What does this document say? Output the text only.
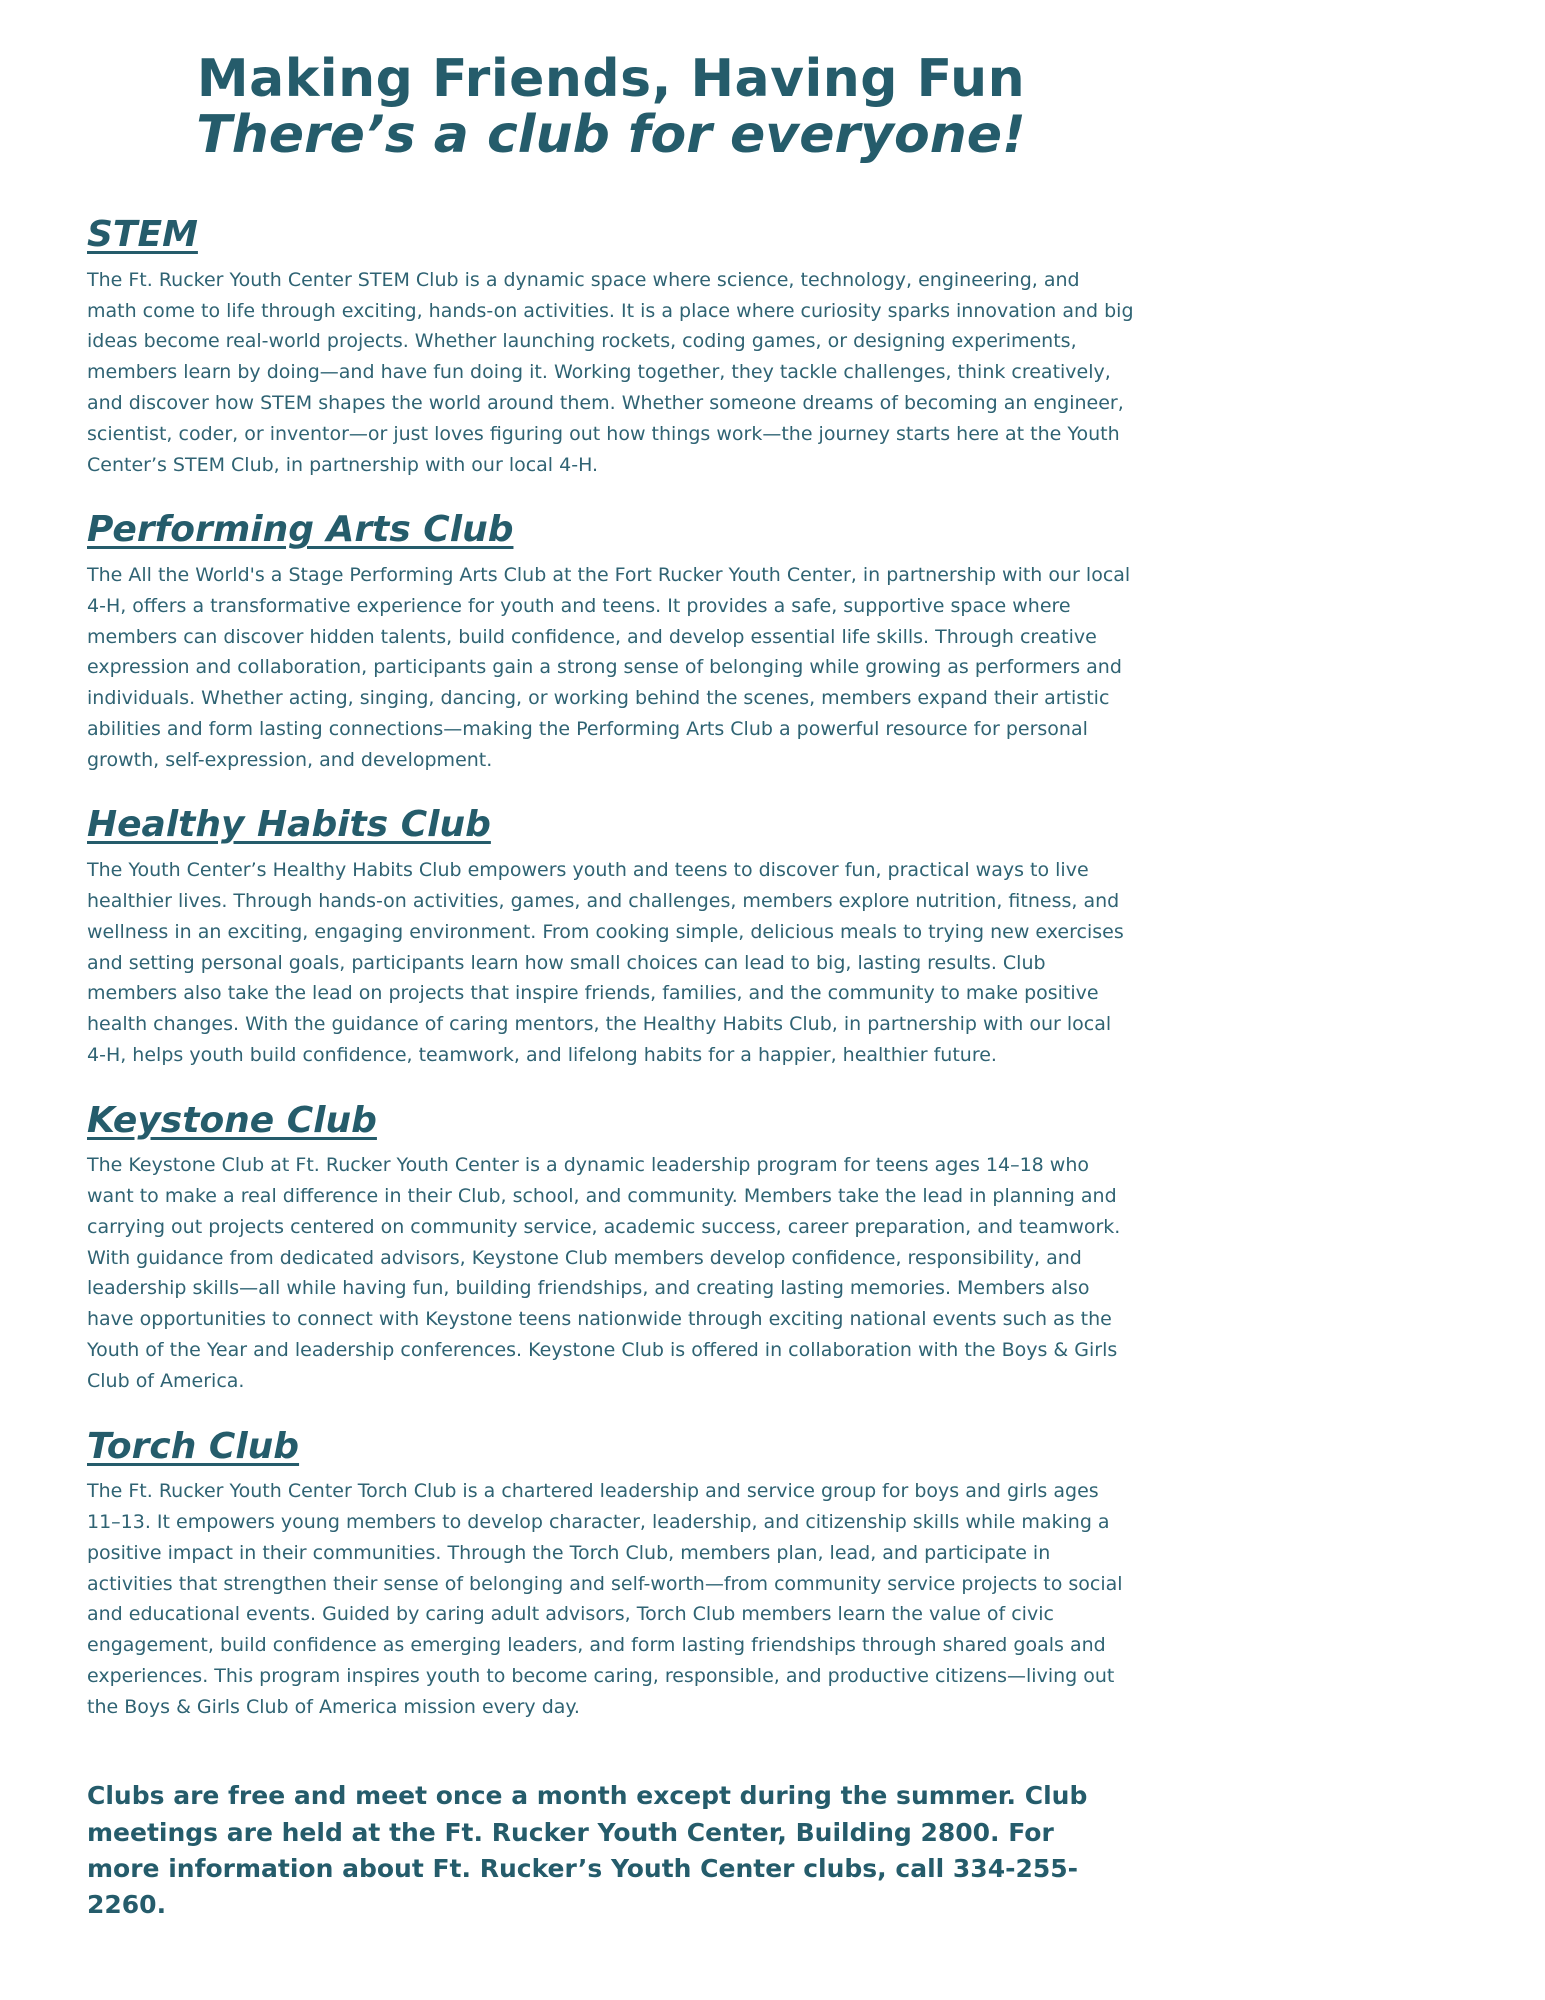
Making Friends, Having Fun
There’s a club for everyone!
STEM

The Ft. Rucker Youth Center STEM Club is a dynamic space where science, technology, engineering, and math come to life through exciting, hands-on activities. It is a place where curiosity sparks innovation and big ideas become real-world projects. Whether launching rockets, coding games, or designing experiments, members learn by doing—and have fun doing it. Working together, they tackle challenges, think creatively, and discover how STEM shapes the world around them. Whether someone dreams of becoming an engineer, scientist, coder, or inventor—or just loves figuring out how things work—the journey starts here at the Youth Center’s STEM Club, in partnership with our local 4-H.

Performing Arts Club

The All the World's a Stage Performing Arts Club at the Fort Rucker Youth Center, in partnership with our local 4-H, offers a transformative experience for youth and teens. It provides a safe, supportive space where members can discover hidden talents, build confidence, and develop essential life skills. Through creative expression and collaboration, participants gain a strong sense of belonging while growing as performers and individuals. Whether acting, singing, dancing, or working behind the scenes, members expand their artistic abilities and form lasting connections—making the Performing Arts Club a powerful resource for personal growth, self-expression, and development.

Healthy Habits Club

The Youth Center’s Healthy Habits Club empowers youth and teens to discover fun, practical ways to live healthier lives. Through hands-on activities, games, and challenges, members explore nutrition, fitness, and wellness in an exciting, engaging environment. From cooking simple, delicious meals to trying new exercises and setting personal goals, participants learn how small choices can lead to big, lasting results. Club members also take the lead on projects that inspire friends, families, and the community to make positive health changes. With the guidance of caring mentors, the Healthy Habits Club, in partnership with our local 4-H, helps youth build confidence, teamwork, and lifelong habits for a happier, healthier future.

Keystone Club

The Keystone Club at Ft. Rucker Youth Center is a dynamic leadership program for teens ages 14–18 who want to make a real difference in their Club, school, and community. Members take the lead in planning and carrying out projects centered on community service, academic success, career preparation, and teamwork. With guidance from dedicated advisors, Keystone Club members develop confidence, responsibility, and leadership skills—all while having fun, building friendships, and creating lasting memories. Members also have opportunities to connect with Keystone teens nationwide through exciting national events such as the Youth of the Year and leadership conferences. Keystone Club is offered in collaboration with the Boys & Girls Club of America.

Torch Club

The Ft. Rucker Youth Center Torch Club is a chartered leadership and service group for boys and girls ages 11–13. It empowers young members to develop character, leadership, and citizenship skills while making a positive impact in their communities. Through the Torch Club, members plan, lead, and participate in activities that strengthen their sense of belonging and self-worth—from community service projects to social and educational events. Guided by caring adult advisors, Torch Club members learn the value of civic engagement, build confidence as emerging leaders, and form lasting friendships through shared goals and experiences. This program inspires youth to become caring, responsible, and productive citizens—living out the Boys & Girls Club of America mission every day.

Clubs are free and meet once a month except during the summer. Club meetings are held at the Ft. Rucker Youth Center, Building 2800. For more information about Ft. Rucker’s Youth Center clubs, call 334-255-2260.
